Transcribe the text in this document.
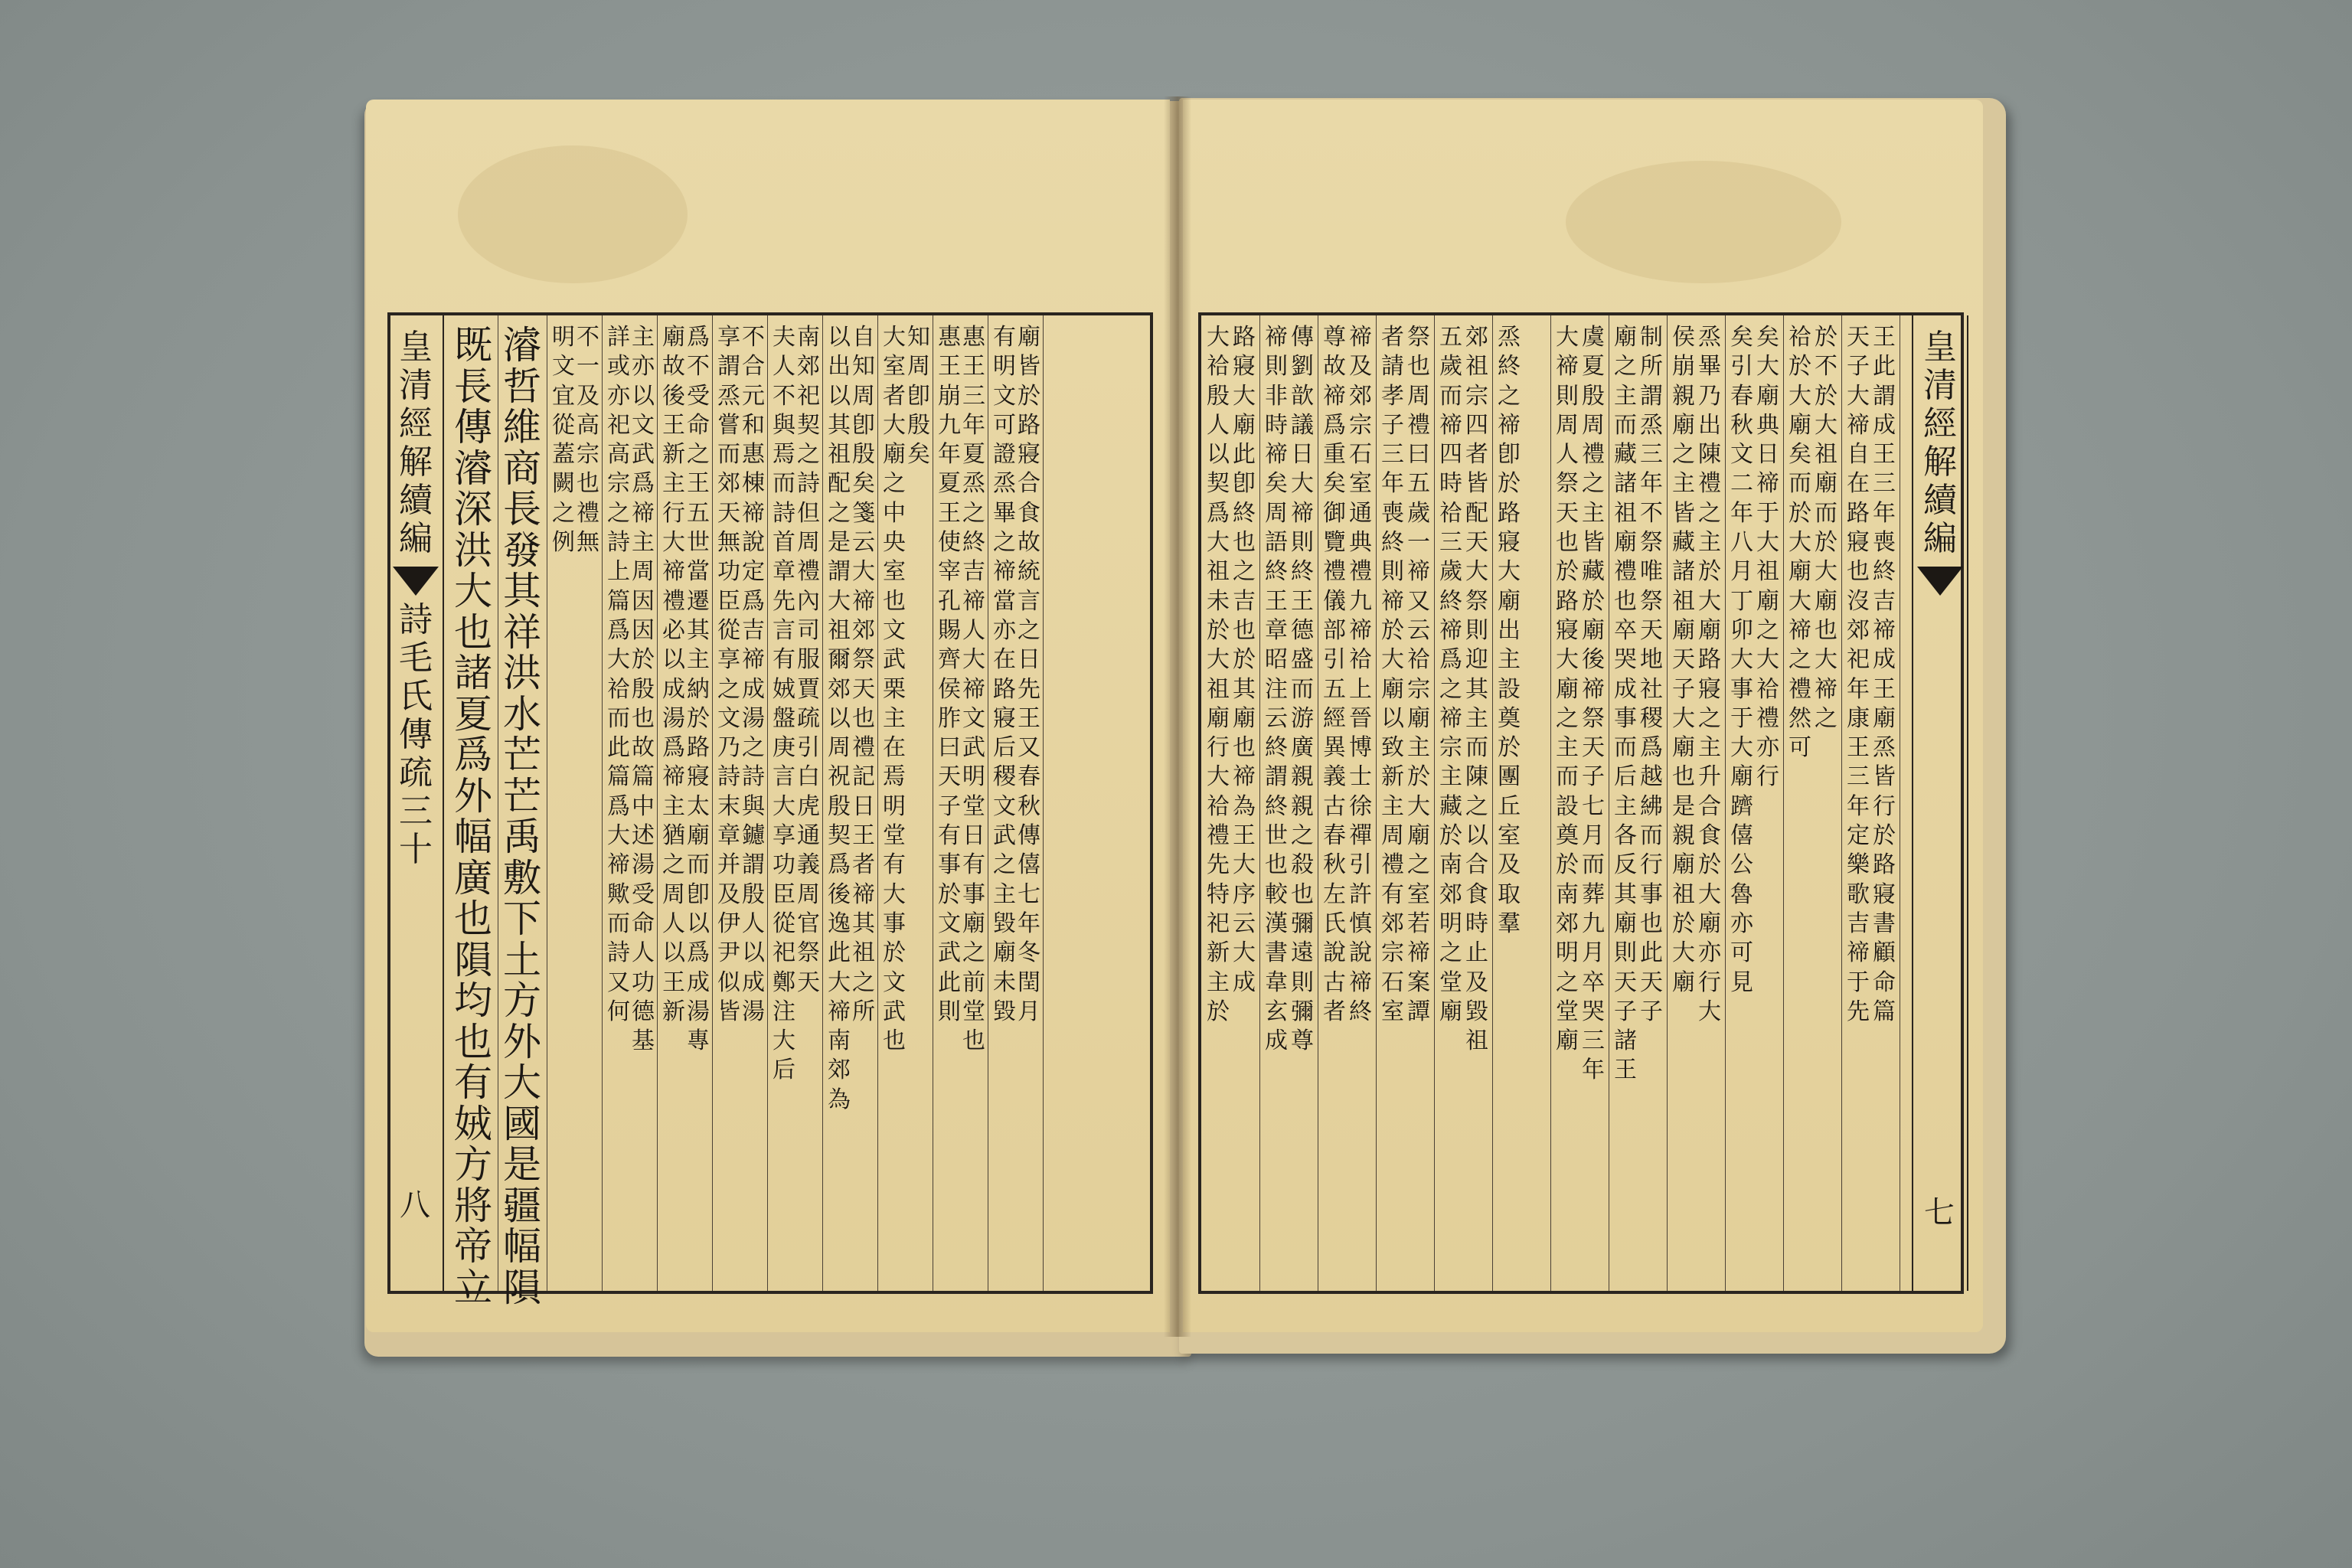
皇
清
經
解
續
編
詩
毛
氏
傳
疏
三
十
八
既
長
傳
濬
深
洪
大
也
諸
夏
爲
外
幅
廣
也
隕
均
也
有
娀
方
將
帝
立
濬
哲
維
商
長
發
其
祥
洪
水
芒
芒
禹
敷
下
土
方
外
大
國
是
疆
幅
隕
明
文
宜
從
蓋
闕
之
例
不
一
及
高
宗
也
禮
無
詳
或
亦
祀
高
宗
之
詩
上
篇
爲
大
祫
而
此
篇
爲
大
禘
歟
而
詩
又
何
主
亦
以
文
武
爲
禘
主
周
因
因
於
殷
也
故
篇
中
述
湯
受
命
人
功
德
基
廟
故
後
王
新
主
行
大
禘
禮
必
以
成
湯
爲
禘
主
猶
之
周
人
以
王
新
爲
不
受
命
之
王
五
世
當
遷
其
主
納
於
路
寢
太
廟
而
卽
以
爲
成
湯
專
享
謂
烝
嘗
而
郊
天
無
功
臣
從
享
之
文
乃
詩
末
章
并
及
伊
尹
似
皆
不
合
元
和
惠
棟
禘
說
定
爲
吉
禘
成
湯
之
詩
與
鑢
謂
殷
人
以
成
湯
夫
人
不
與
焉
而
詩
首
章
先
言
有
娀
盤
庚
言
大
享
功
臣
從
祀
鄭
注
大
后
南
郊
祀
契
之
詩
但
周
禮
內
司
服
賈
疏
引
白
虎
通
義
周
官
祭
天
以
出
以
其
祖
配
之
是
謂
大
祖
爾
郊
以
周
祝
殷
契
爲
後
逸
此
大
禘
南
郊
為
自
知
周
卽
殷
矣
箋
云
大
禘
郊
祭
天
也
禮
記
日
王
者
禘
其
祖
之
所
大
室
者
大
廟
之
中
央
室
也
文
武
栗
主
在
焉
明
堂
有
大
事
於
文
武
也
知
周
卽
殷
矣
惠
王
崩
九
年
夏
王
使
宰
孔
賜
齊
侯
胙
曰
天
子
有
事
於
文
武
此
則
惠
王
三
年
夏
烝
之
終
吉
禘
人
大
禘
文
武
明
堂
日
有
事
廟
之
前
堂
也
有
明
文
可
證
烝
畢
之
禘
當
亦
在
路
寢
后
稷
文
武
之
主
毀
廟
未
毀
廟
皆
於
路
寢
合
食
故
統
言
之
日
先
王
又
春
秋
傳
僖
七
年
冬
閏
月
大
祫
殷
人
以
契
爲
大
祖
未
於
大
祖
廟
行
大
祫
禮
先
特
祀
新
主
於
路
寢
大
廟
此
卽
終
也
之
吉
也
於
其
廟
也
禘
為
王
大
序
云
大
成
禘
則
非
時
禘
矣
周
語
終
王
章
昭
注
云
終
謂
終
世
也
較
漢
書
韋
玄
成
傳
劉
歆
議
日
大
禘
則
終
王
德
盛
而
游
廣
親
親
之
殺
也
彌
遠
則
彌
尊
尊
故
禘
爲
重
矣
御
覽
禮
儀
部
引
五
經
異
義
古
春
秋
左
氏
說
古
者
禘
及
郊
宗
石
室
通
典
禮
九
禘
祫
上
晉
博
士
徐
禪
引
許
慎
說
禘
終
者
請
孝
子
三
年
喪
終
則
禘
於
大
廟
以
致
新
主
周
禮
有
郊
宗
石
室
祭
也
周
禮
曰
五
歲
一
禘
又
云
祫
宗
廟
主
於
大
廟
之
室
若
禘
案
譚
五
歲
而
禘
四
時
祫
三
歲
終
禘
爲
之
禘
宗
主
藏
於
南
郊
明
之
堂
廟
郊
祖
宗
四
者
皆
配
天
大
祭
則
迎
其
主
而
陳
之
以
合
食
時
止
及
毀
祖
烝
終
之
禘
卽
於
路
寢
大
廟
出
主
設
奠
於
團
丘
室
及
取
羣
大
禘
則
周
人
祭
天
也
於
路
寢
大
廟
之
主
而
設
奠
於
南
郊
明
之
堂
廟
虞
夏
殷
周
禮
之
主
皆
藏
於
廟
後
禘
祭
天
子
七
月
而
葬
九
月
卒
哭
三
年
廟
之
主
而
藏
諸
祖
廟
禮
也
卒
哭
成
事
而
后
主
各
反
其
廟
則
天
子
諸
王
制
所
謂
烝
三
年
不
祭
唯
祭
天
地
社
稷
爲
越
紼
而
行
事
也
此
天
子
侯
崩
親
廟
之
主
皆
藏
諸
祖
廟
天
子
大
廟
也
是
親
廟
祖
於
大
廟
烝
畢
乃
出
陳
禮
之
主
於
大
廟
路
寢
之
主
升
合
食
於
大
廟
亦
行
大
矣
引
春
秋
文
二
年
八
月
丁
卯
大
事
于
大
廟
躋
僖
公
魯
亦
可
見
矣
大
廟
典
日
禘
于
大
祖
廟
之
大
祫
禮
亦
行
祫
於
大
廟
矣
而
於
大
廟
大
禘
之
禮
然
可
於
不
於
大
祖
廟
而
於
大
廟
也
大
禘
之
天
子
大
禘
自
在
路
寢
也
沒
郊
祀
年
康
王
三
年
定
樂
歌
吉
禘
于
先
王
此
謂
成
王
三
年
喪
終
吉
禘
成
王
廟
烝
皆
行
於
路
寢
書
顧
命
篇
皇
清
經
解
續
編
七
